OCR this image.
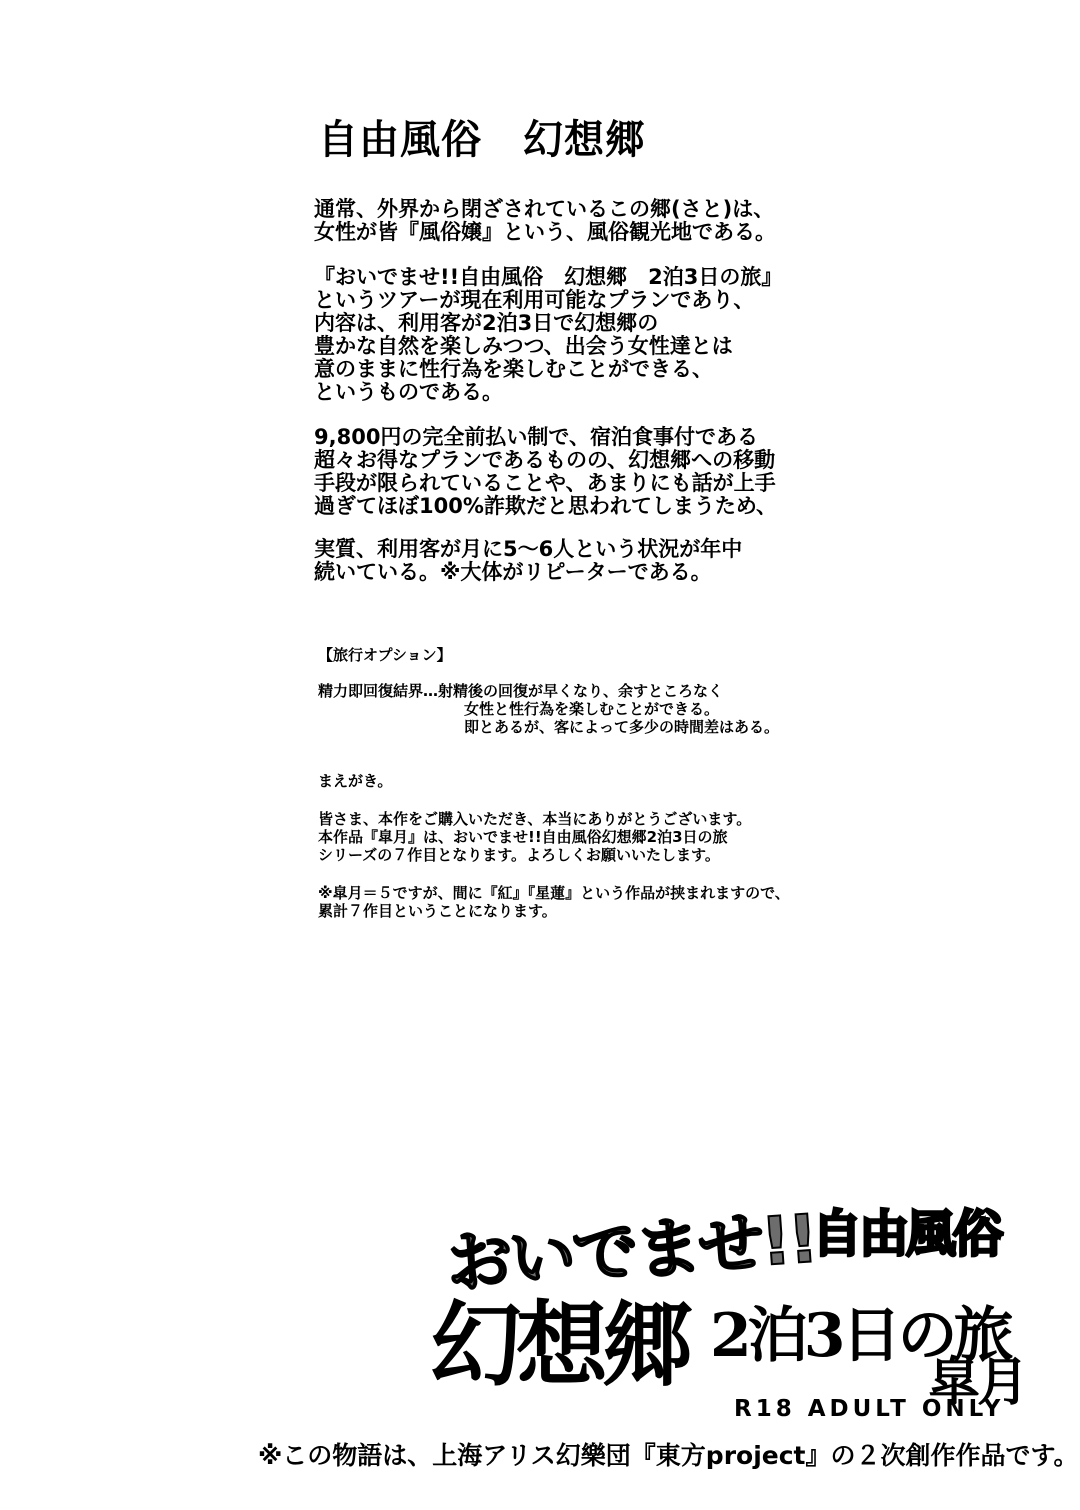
自由風俗　幻想郷
通常、外界から閉ざされているこの郷(さと)は、
女性が皆『風俗嬢』という、風俗観光地である。
『おいでませ!!自由風俗　幻想郷　2泊3日の旅』
というツアーが現在利用可能なプランであり、
内容は、利用客が2泊3日で幻想郷の
豊かな自然を楽しみつつ、出会う女性達とは
意のままに性行為を楽しむことができる、
というものである。
9,800円の完全前払い制で、宿泊食事付である
超々お得なプランであるものの、幻想郷への移動
手段が限られていることや、あまりにも話が上手
過ぎてほぼ100%詐欺だと思われてしまうため、
実質、利用客が月に5〜6人という状況が年中
続いている。※大体がリピーターである。
【旅行オプション】
精力即回復結界…射精後の回復が早くなり、余すところなく
女性と性行為を楽しむことができる。
即とあるが、客によって多少の時間差はある。
まえがき。
皆さま、本作をご購入いただき、本当にありがとうございます。
本作品『皐月』は、おいでませ!!自由風俗幻想郷2泊3日の旅
シリーズの７作目となります。よろしくお願いいたします。
※皐月＝５ですが、間に『紅』『星蓮』という作品が挟まれますので、
累計７作目ということになります。
おいでませ!!
自由風俗
幻想郷 2泊3日の旅
皐月
R18 ADULT ONLY
※この物語は、上海アリス幻樂団『東方project』の２次創作作品です。
